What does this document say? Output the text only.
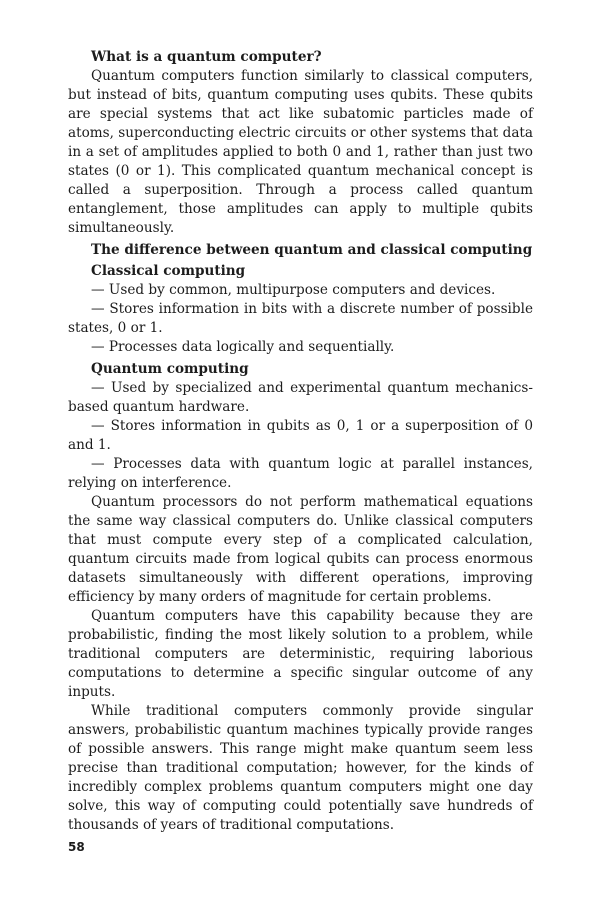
What is a quantum computer?

Quantum computers function similarly to classical computers, but instead of bits, quantum computing uses qubits. These qubits are special systems that act like subatomic particles made of atoms, superconducting electric circuits or other systems that data in a set of amplitudes applied to both 0 and 1, rather than just two states (0 or 1). This complicated quantum mechanical concept is called a superposition. Through a process called quantum entanglement, those amplitudes can apply to multiple qubits simultaneously.

The difference between quantum and classical computing

Classical computing

— Used by common, multipurpose computers and devices.

— Stores information in bits with a discrete number of possible states, 0 or 1.

— Processes data logically and sequentially.

Quantum computing

— Used by specialized and experimental quantum mechanics-based quantum hardware.

— Stores information in qubits as 0, 1 or a superposition of 0 and 1.

— Processes data with quantum logic at parallel instances, relying on interference.

Quantum processors do not perform mathematical equations the same way classical computers do. Unlike classical computers that must compute every step of a complicated calculation, quantum circuits made from logical qubits can process enormous datasets simultaneously with different operations, improving efficiency by many orders of magnitude for certain problems.

Quantum computers have this capability because they are probabilistic, finding the most likely solution to a problem, while traditional computers are deterministic, requiring laborious computations to determine a specific singular outcome of any inputs.

While traditional computers commonly provide singular answers, probabilistic quantum machines typically provide ranges of possible answers. This range might make quantum seem less precise than traditional computation; however, for the kinds of incredibly complex problems quantum computers might one day solve, this way of computing could potentially save hundreds of thousands of years of traditional computations.

58
